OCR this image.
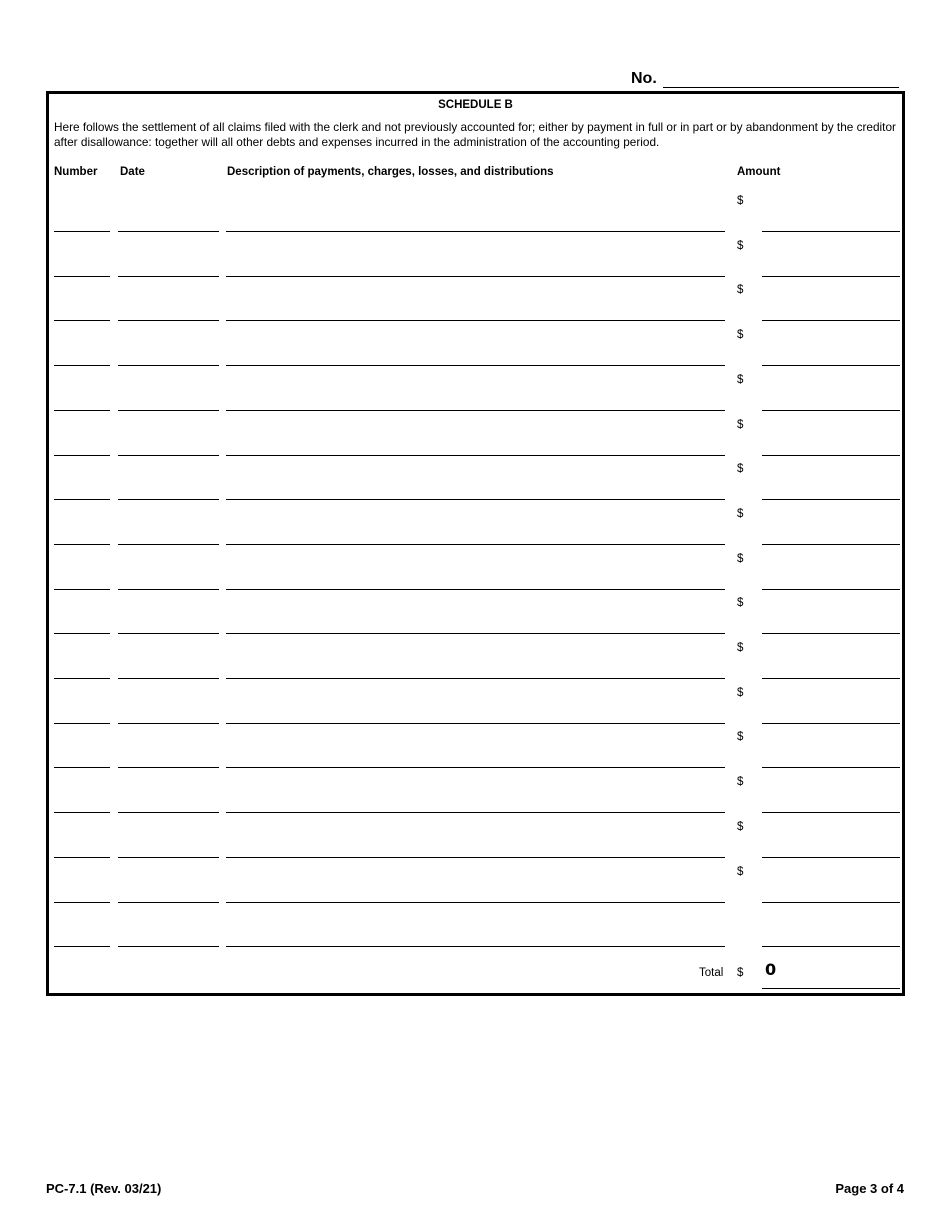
No.
SCHEDULE B
Here follows the settlement of all claims filed with the clerk and not previously accounted for; either by payment in full or in part or by abandonment by the creditor after disallowance: together will all other debts and expenses incurred in the administration of the accounting period.
Number Date	Description of payments, charges, losses, and distributions	Amount
$
$
$
$
$
$
$
$
$
$
$
$
$
$
$
$
Total $ 0
PC-7.1 (Rev. 03/21)	Page 3 of 4
